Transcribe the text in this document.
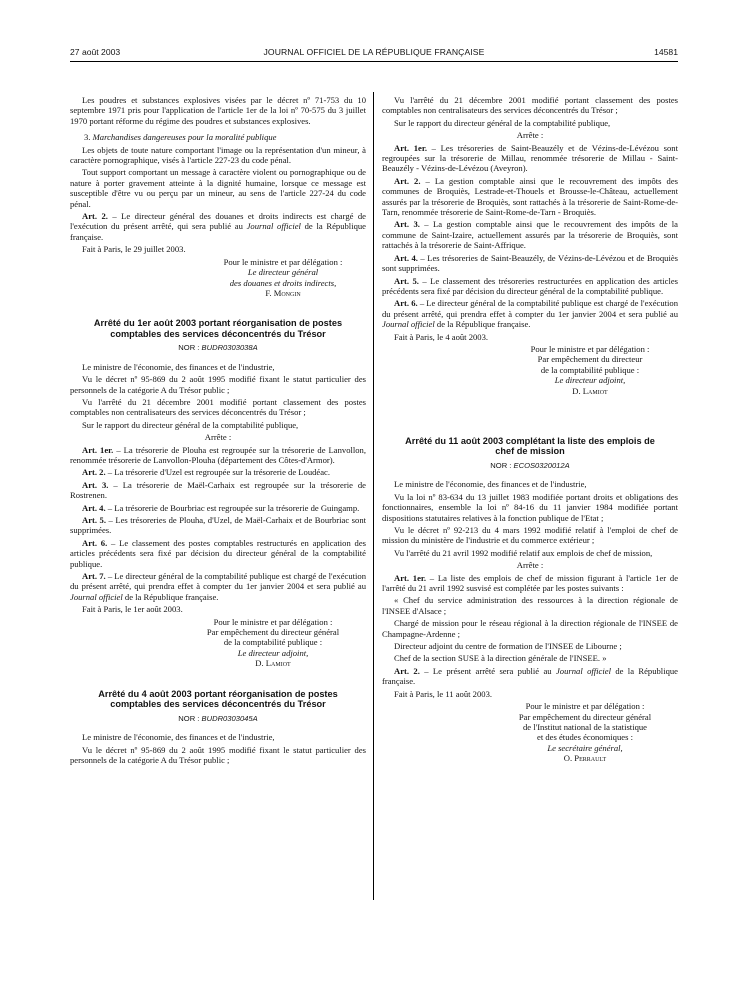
27 août 2003	JOURNAL OFFICIEL DE LA RÉPUBLIQUE FRANÇAISE	14581

Les poudres et substances explosives visées par le décret nº 71-753 du 10 septembre 1971 pris pour l'application de l'article 1er de la loi nº 70-575 du 3 juillet 1970 portant réforme du régime des poudres et substances explosives.

3. Marchandises dangereuses pour la moralité publique

Les objets de toute nature comportant l'image ou la représentation d'un mineur, à caractère pornographique, visés à l'article 227-23 du code pénal.

Tout support comportant un message à caractère violent ou pornographique ou de nature à porter gravement atteinte à la dignité humaine, lorsque ce message est susceptible d'être vu ou perçu par un mineur, au sens de l'article 227-24 du code pénal.

Art. 2. – Le directeur général des douanes et droits indirects est chargé de l'exécution du présent arrêté, qui sera publié au Journal officiel de la République française.

Fait à Paris, le 29 juillet 2003.

Pour le ministre et par délégation :
Le directeur général
des douanes et droits indirects,
F. Mongin
Arrêté du 1er août 2003 portant réorganisation de postes comptables des services déconcentrés du Trésor
NOR : BUDR0303038A

Le ministre de l'économie, des finances et de l'industrie,

Vu le décret nº 95-869 du 2 août 1995 modifié fixant le statut particulier des personnels de la catégorie A du Trésor public ;

Vu l'arrêté du 21 décembre 2001 modifié portant classement des postes comptables non centralisateurs des services déconcentrés du Trésor ;

Sur le rapport du directeur général de la comptabilité publique,

Arrête :

Art. 1er. – La trésorerie de Plouha est regroupée sur la trésorerie de Lanvollon, renommée trésorerie de Lanvollon-Plouha (département des Côtes-d'Armor).

Art. 2. – La trésorerie d'Uzel est regroupée sur la trésorerie de Loudéac.

Art. 3. – La trésorerie de Maël-Carhaix est regroupée sur la trésorerie de Rostrenen.

Art. 4. – La trésorerie de Bourbriac est regroupée sur la trésorerie de Guingamp.

Art. 5. – Les trésoreries de Plouha, d'Uzel, de Maël-Carhaix et de Bourbriac sont supprimées.

Art. 6. – Le classement des postes comptables restructurés en application des articles précédents sera fixé par décision du directeur général de la comptabilité publique.

Art. 7. – Le directeur général de la comptabilité publique est chargé de l'exécution du présent arrêté, qui prendra effet à compter du 1er janvier 2004 et sera publié au Journal officiel de la République française.

Fait à Paris, le 1er août 2003.

Pour le ministre et par délégation :
Par empêchement du directeur général
de la comptabilité publique :
Le directeur adjoint,
D. Lamiot
Arrêté du 4 août 2003 portant réorganisation de postes comptables des services déconcentrés du Trésor
NOR : BUDR0303045A

Le ministre de l'économie, des finances et de l'industrie,

Vu le décret nº 95-869 du 2 août 1995 modifié fixant le statut particulier des personnels de la catégorie A du Trésor public ;

Vu l'arrêté du 21 décembre 2001 modifié portant classement des postes comptables non centralisateurs des services déconcentrés du Trésor ;

Sur le rapport du directeur général de la comptabilité publique,

Arrête :

Art. 1er. – Les trésoreries de Saint-Beauzély et de Vézins-de-Lévézou sont regroupées sur la trésorerie de Millau, renommée trésorerie de Millau - Saint-Beauzély - Vézins-de-Lévézou (Aveyron).

Art. 2. – La gestion comptable ainsi que le recouvrement des impôts des communes de Broquiès, Lestrade-et-Thouels et Brousse-le-Château, actuellement assurés par la trésorerie de Broquiès, sont rattachés à la trésorerie de Saint-Rome-de-Tarn, renommée trésorerie de Saint-Rome-de-Tarn - Broquiès.

Art. 3. – La gestion comptable ainsi que le recouvrement des impôts de la commune de Saint-Izaire, actuellement assurés par la trésorerie de Broquiès, sont rattachés à la trésorerie de Saint-Affrique.

Art. 4. – Les trésoreries de Saint-Beauzély, de Vézins-de-Lévézou et de Broquiès sont supprimées.

Art. 5. – Le classement des trésoreries restructurées en application des articles précédents sera fixé par décision du directeur général de la comptabilité publique.

Art. 6. – Le directeur général de la comptabilité publique est chargé de l'exécution du présent arrêté, qui prendra effet à compter du 1er janvier 2004 et sera publié au Journal officiel de la République française.

Fait à Paris, le 4 août 2003.

Pour le ministre et par délégation :
Par empêchement du directeur
de la comptabilité publique :
Le directeur adjoint,
D. Lamiot
Arrêté du 11 août 2003 complétant la liste des emplois de chef de mission
NOR : ECOS0320012A

Le ministre de l'économie, des finances et de l'industrie,

Vu la loi nº 83-634 du 13 juillet 1983 modifiée portant droits et obligations des fonctionnaires, ensemble la loi nº 84-16 du 11 janvier 1984 modifiée portant dispositions statutaires relatives à la fonction publique de l'Etat ;

Vu le décret nº 92-213 du 4 mars 1992 modifié relatif à l'emploi de chef de mission du ministère de l'industrie et du commerce extérieur ;

Vu l'arrêté du 21 avril 1992 modifié relatif aux emplois de chef de mission,

Arrête :

Art. 1er. – La liste des emplois de chef de mission figurant à l'article 1er de l'arrêté du 21 avril 1992 susvisé est complétée par les postes suivants :

« Chef du service administration des ressources à la direction régionale de l'INSEE d'Alsace ;

Chargé de mission pour le réseau régional à la direction régionale de l'INSEE de Champagne-Ardenne ;

Directeur adjoint du centre de formation de l'INSEE de Libourne ;

Chef de la section SUSE à la direction générale de l'INSEE. »

Art. 2. – Le présent arrêté sera publié au Journal officiel de la République française.

Fait à Paris, le 11 août 2003.

Pour le ministre et par délégation :
Par empêchement du directeur général
de l'Institut national de la statistique
et des études économiques :
Le secrétaire général,
O. Perrault
